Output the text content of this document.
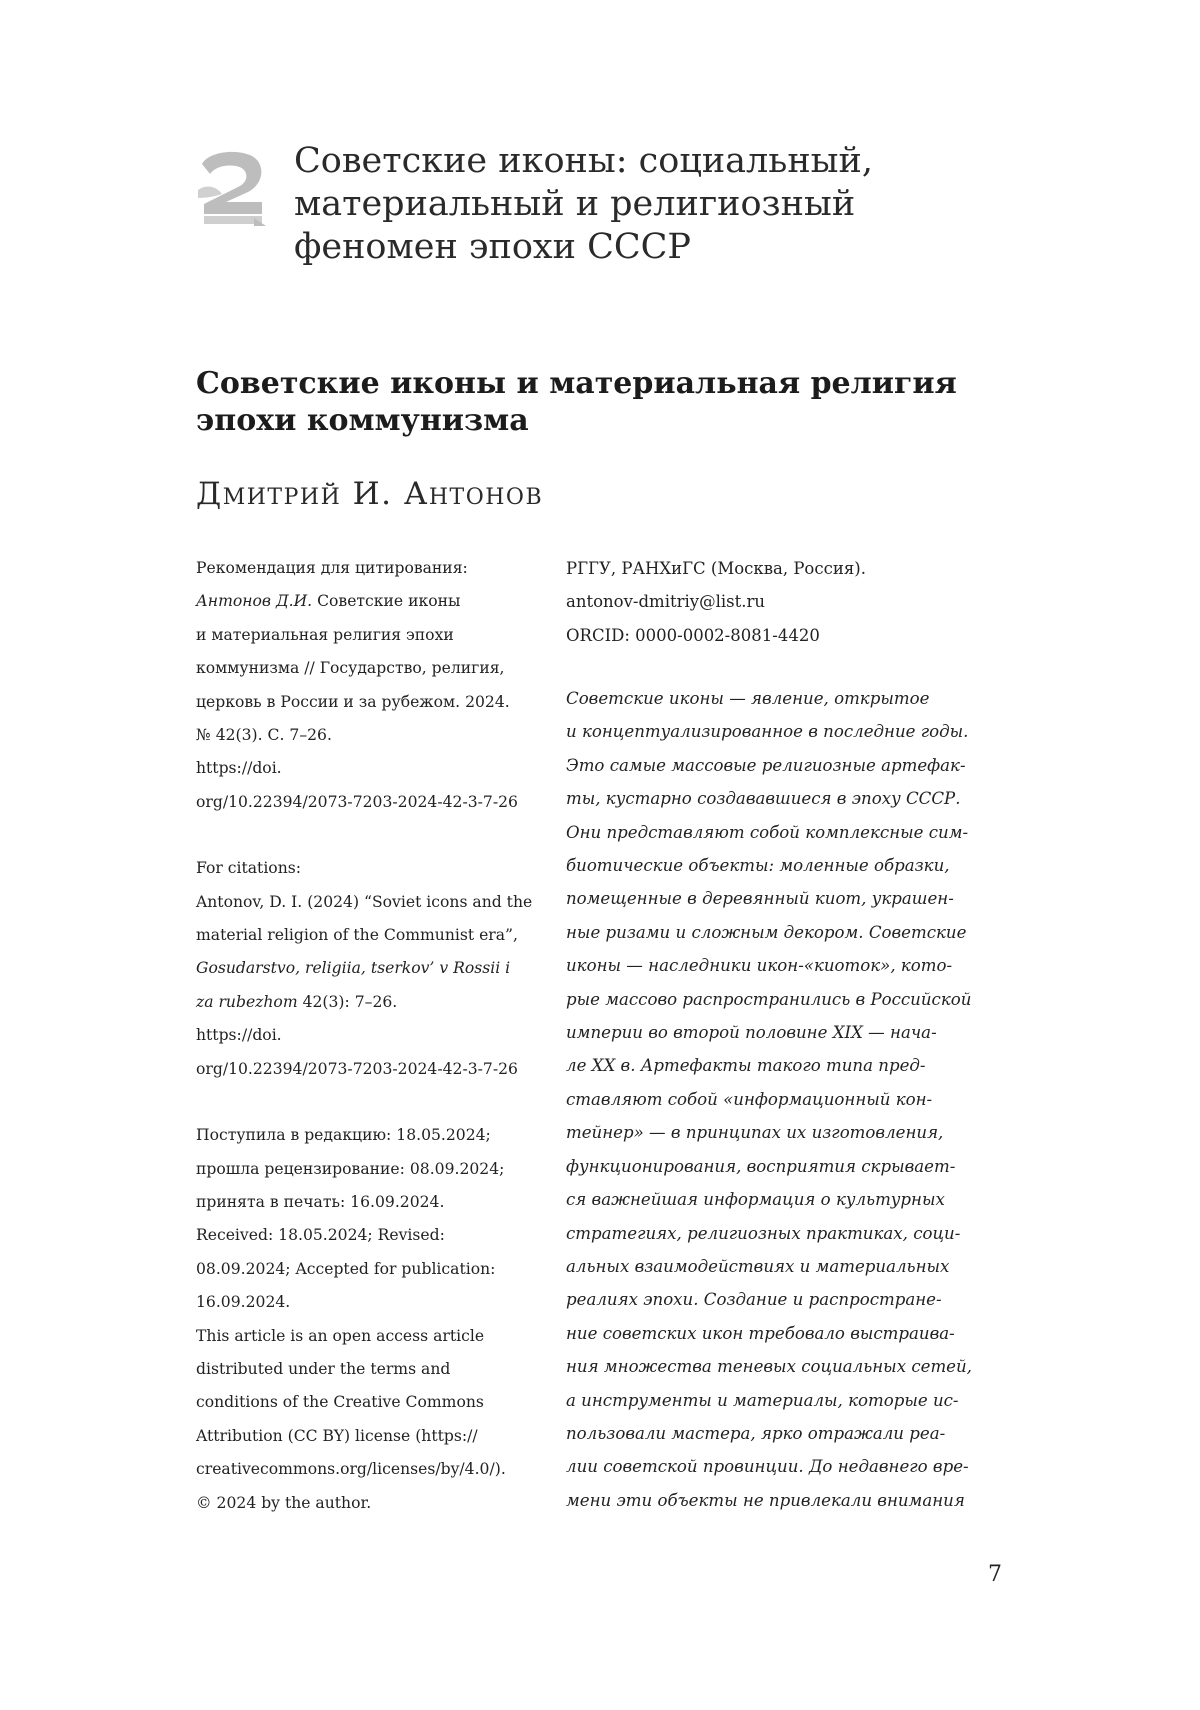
Советские иконы: социальный,
материальный и религиозный
феномен эпохи СССР
Советские иконы и материальная религия
эпохи коммунизма
Дмитрий И. Антонов
Рекомендация для цитирования:
Антонов Д.И. Советские иконы
и материальная религия эпохи
коммунизма // Государство, религия,
церковь в России и за рубежом. 2024.
№ 42(3). С. 7–26.
https://doi.
org/10.22394/2073-7203-2024-42-3-7-26
For citations:
Antonov, D. I. (2024) “Soviet icons and the
material religion of the Communist era”,
Gosudarstvo, religiia, tserkov’ v Rossii i
za rubezhom 42(3): 7–26.
https://doi.
org/10.22394/2073-7203-2024-42-3-7-26
Поступила в редакцию: 18.05.2024;
прошла рецензирование: 08.09.2024;
принята в печать: 16.09.2024.
Received: 18.05.2024; Revised:
08.09.2024; Accepted for publication:
16.09.2024.
This article is an open access article
distributed under the terms and
conditions of the Creative Commons
Attribution (CC BY) license (https://
creativecommons.org/licenses/by/4.0/).
© 2024 by the author.
РГГУ, РАНХиГС (Москва, Россия).
antonov-dmitriy@list.ru
ORCID: 0000-0002-8081-4420
Советские иконы — явление, открытое
и концептуализированное в последние годы.
Это самые массовые религиозные артефак-
ты, кустарно создававшиеся в эпоху СССР.
Они представляют собой комплексные сим-
биотические объекты: моленные образки,
помещенные в деревянный киот, украшен-
ные ризами и сложным декором. Советские
иконы — наследники икон-«киоток», кото-
рые массово распространились в Российской
империи во второй половине XIX — нача-
ле XX в. Артефакты такого типа пред-
ставляют собой «информационный кон-
тейнер» — в принципах их изготовления,
функционирования, восприятия скрывает-
ся важнейшая информация о культурных
стратегиях, религиозных практиках, соци-
альных взаимодействиях и материальных
реалиях эпохи. Создание и распростране-
ние советских икон требовало выстраива-
ния множества теневых социальных сетей,
а инструменты и материалы, которые ис-
пользовали мастера, ярко отражали реа-
лии советской провинции. До недавнего вре-
мени эти объекты не привлекали внимания
7
